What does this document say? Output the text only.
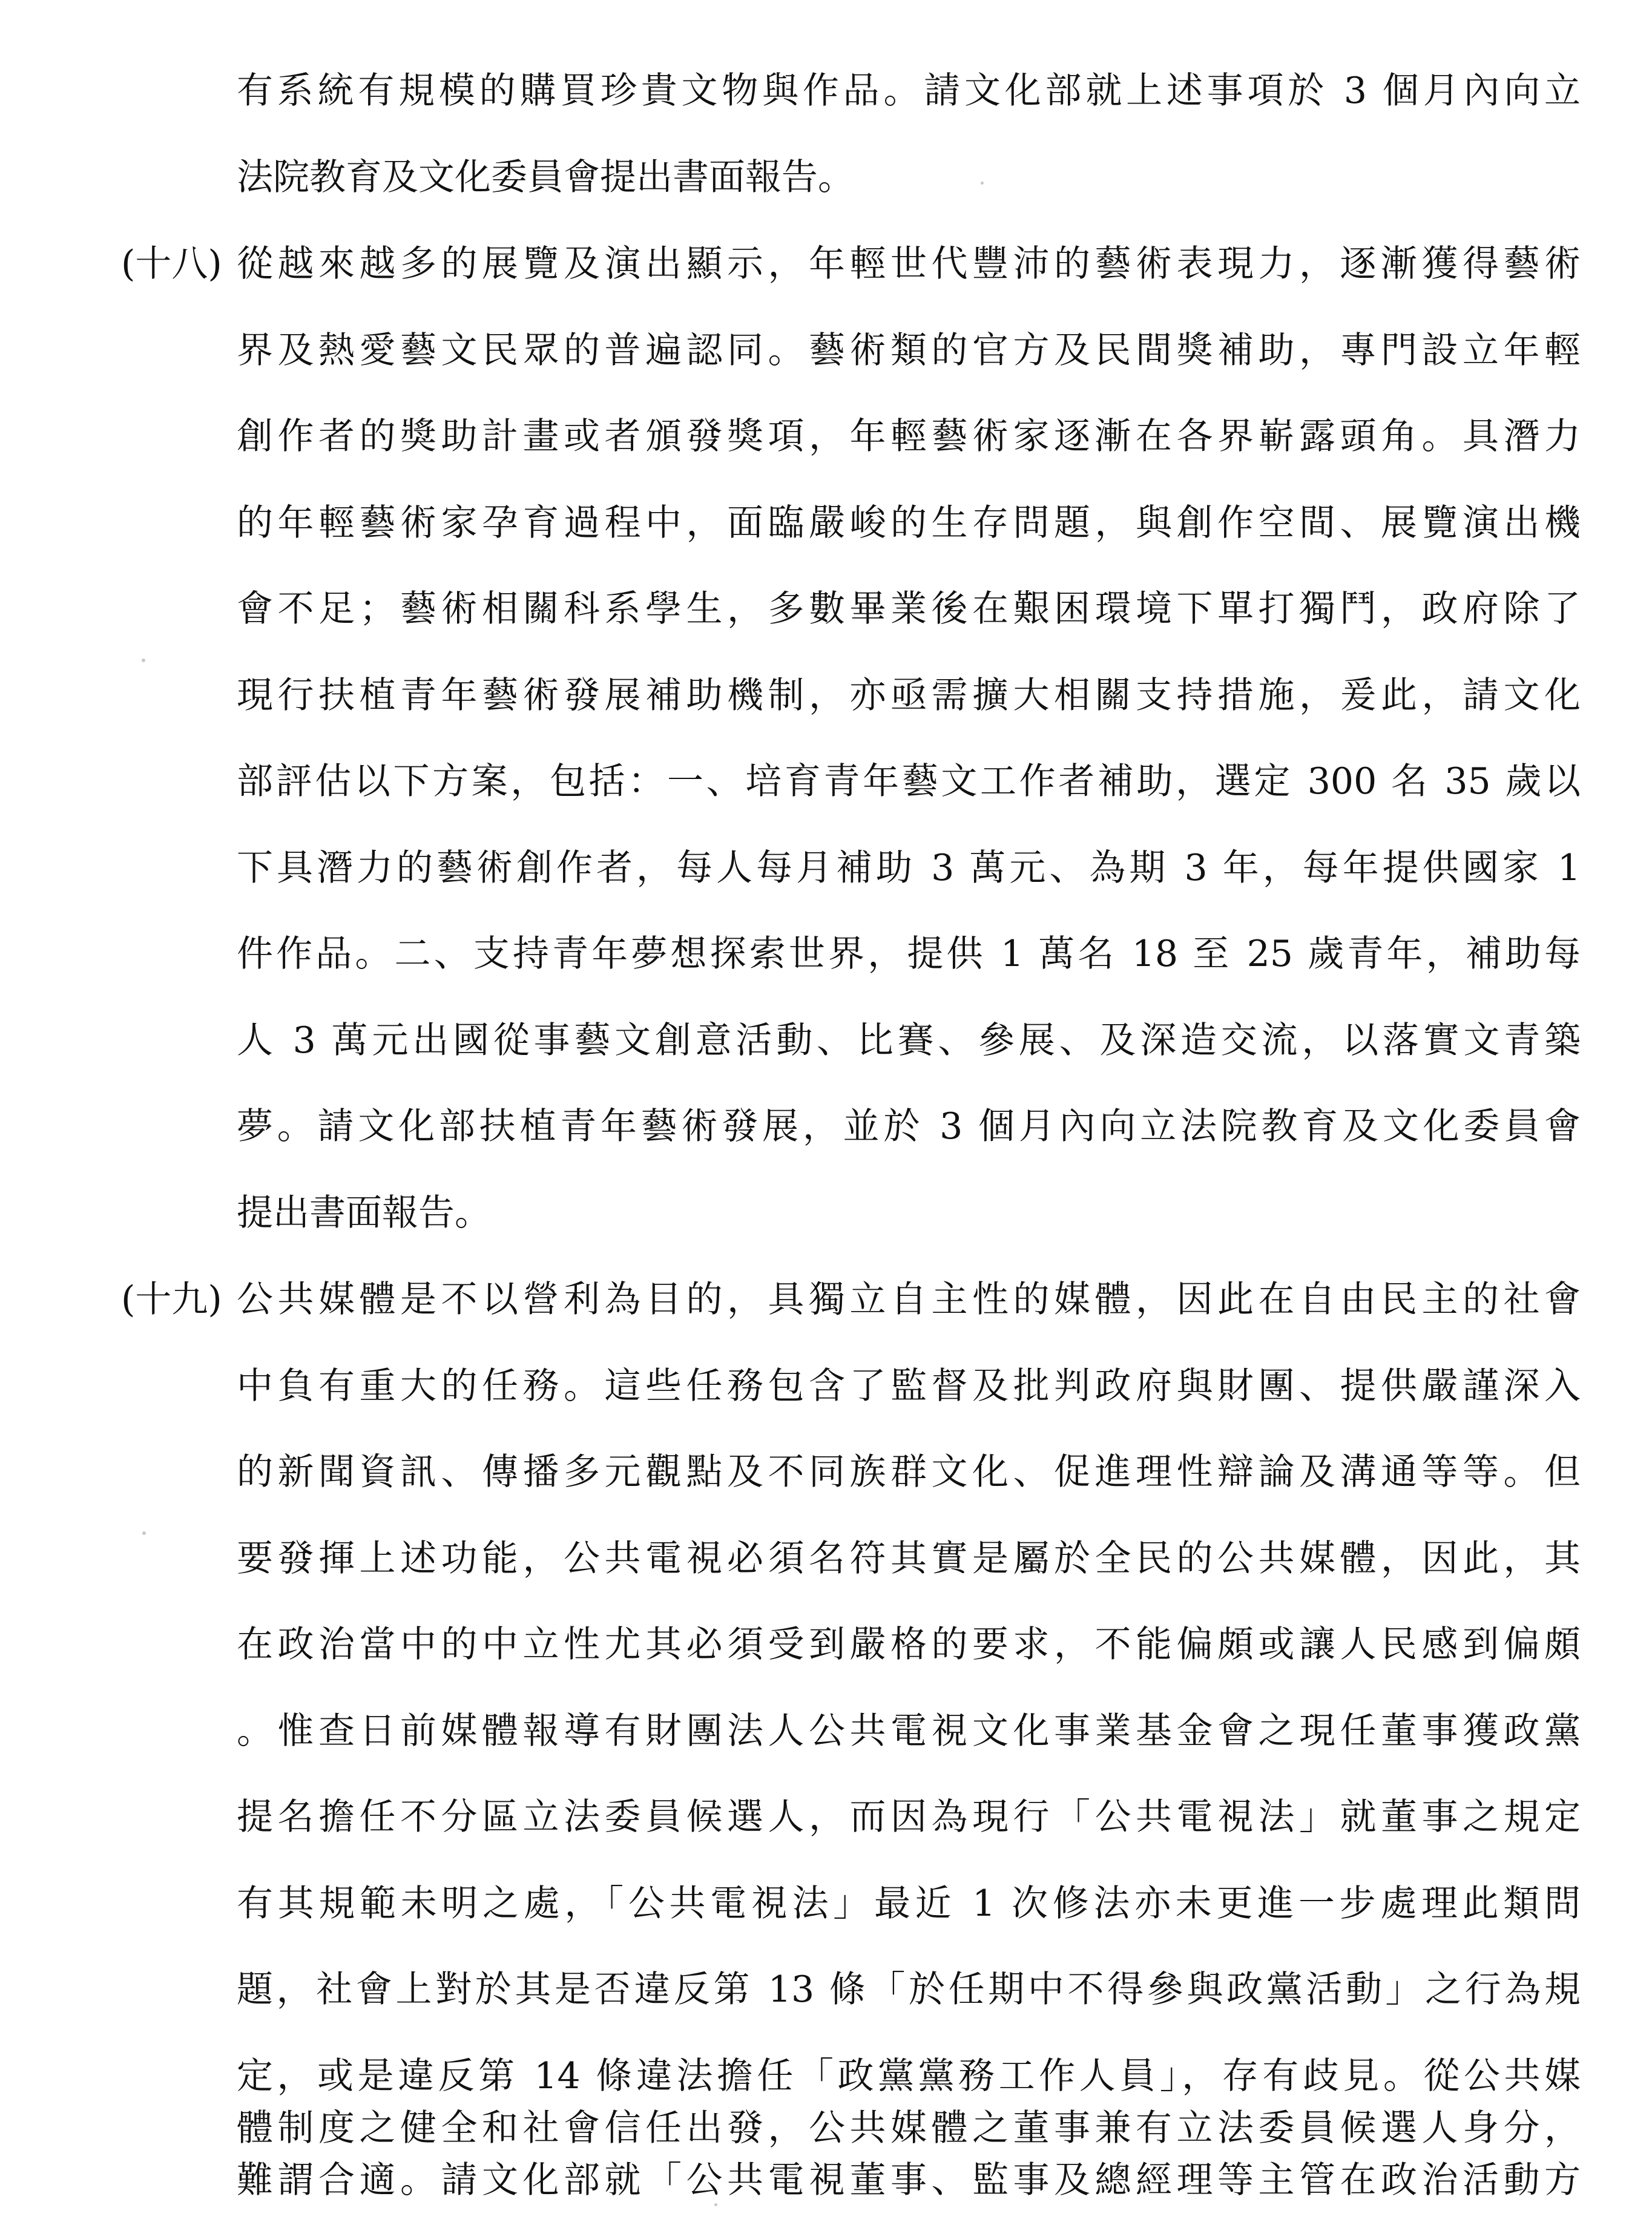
有系統有規模的購買珍貴文物與作品。請文化部就上述事項於 3 個月內向立
法院教育及文化委員會提出書面報告。
(十八) 從越來越多的展覽及演出顯示，年輕世代豐沛的藝術表現力，逐漸獲得藝術
界及熱愛藝文民眾的普遍認同。藝術類的官方及民間獎補助，專門設立年輕
創作者的獎助計畫或者頒發獎項，年輕藝術家逐漸在各界嶄露頭角。具潛力
的年輕藝術家孕育過程中，面臨嚴峻的生存問題，與創作空間、展覽演出機
會不足；藝術相關科系學生，多數畢業後在艱困環境下單打獨鬥，政府除了
現行扶植青年藝術發展補助機制，亦亟需擴大相關支持措施，爰此，請文化
部評估以下方案，包括：一、培育青年藝文工作者補助，選定 300 名 35 歲以
下具潛力的藝術創作者，每人每月補助 3 萬元、為期 3 年，每年提供國家 1
件作品。二、支持青年夢想探索世界，提供 1 萬名 18 至 25 歲青年，補助每
人 3 萬元出國從事藝文創意活動、比賽、參展、及深造交流，以落實文青築
夢。請文化部扶植青年藝術發展，並於 3 個月內向立法院教育及文化委員會
提出書面報告。
(十九) 公共媒體是不以營利為目的，具獨立自主性的媒體，因此在自由民主的社會
中負有重大的任務。這些任務包含了監督及批判政府與財團、提供嚴謹深入
的新聞資訊、傳播多元觀點及不同族群文化、促進理性辯論及溝通等等。但
要發揮上述功能，公共電視必須名符其實是屬於全民的公共媒體，因此，其
在政治當中的中立性尤其必須受到嚴格的要求，不能偏頗或讓人民感到偏頗
。惟查日前媒體報導有財團法人公共電視文化事業基金會之現任董事獲政黨
提名擔任不分區立法委員候選人，而因為現行「公共電視法」就董事之規定
有其規範未明之處，「公共電視法」最近 1 次修法亦未更進一步處理此類問
題，社會上對於其是否違反第 13 條「於任期中不得參與政黨活動」之行為規
定，或是違反第 14 條違法擔任「政黨黨務工作人員」，存有歧見。從公共媒
體制度之健全和社會信任出發，公共媒體之董事兼有立法委員候選人身分，
難謂合適。請文化部就「公共電視董事、監事及總經理等主管在政治活動方
